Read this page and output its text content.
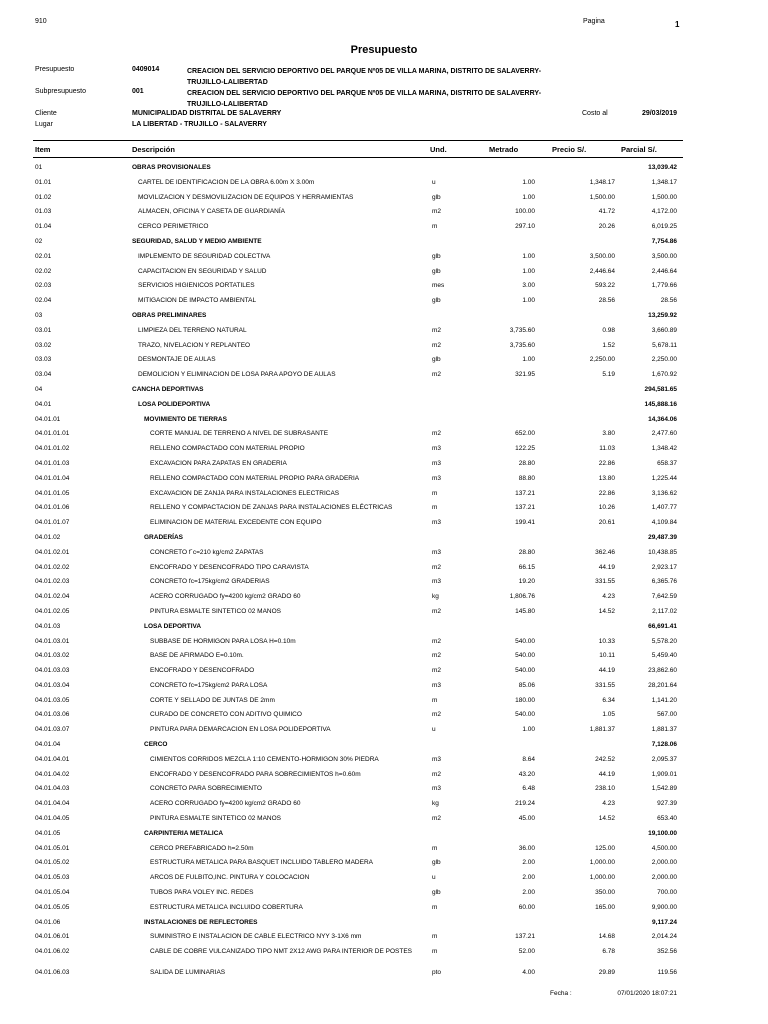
910	Pagina	1
Presupuesto
Presupuesto	0409014	CREACION DEL SERVICIO DEPORTIVO DEL PARQUE Nº05 DE VILLA MARINA, DISTRITO DE SALAVERRY-TRUJILLO-LALIBERTAD
Subpresupuesto	001	CREACION DEL SERVICIO DEPORTIVO DEL PARQUE Nº05 DE VILLA MARINA, DISTRITO DE SALAVERRY-TRUJILLO-LALIBERTAD
Cliente	MUNICIPALIDAD DISTRITAL DE SALAVERRY	Costo al	29/03/2019
Lugar	LA LIBERTAD - TRUJILLO - SALAVERRY
Item	Descripción	Und.	Metrado	Precio S/.	Parcial S/.
01	OBRAS PROVISIONALES	13,039.42
01.01	CARTEL DE IDENTIFICACION DE LA OBRA 6.00m X 3.00m	u	1.00	1,348.17	1,348.17
01.02	MOVILIZACION Y DESMOVILIZACION DE EQUIPOS Y HERRAMIENTAS	glb	1.00	1,500.00	1,500.00
01.03	ALMACEN, OFICINA Y CASETA DE GUARDIANÍA	m2	100.00	41.72	4,172.00
01.04	CERCO PERIMETRICO	m	297.10	20.26	6,019.25
02	SEGURIDAD, SALUD Y MEDIO AMBIENTE	7,754.86
02.01	IMPLEMENTO DE SEGURIDAD COLECTIVA	glb	1.00	3,500.00	3,500.00
02.02	CAPACITACION EN SEGURIDAD Y SALUD	glb	1.00	2,446.64	2,446.64
02.03	SERVICIOS HIGIENICOS PORTATILES	mes	3.00	593.22	1,779.66
02.04	MITIGACION DE IMPACTO AMBIENTAL	glb	1.00	28.56	28.56
03	OBRAS PRELIMINARES	13,259.92
03.01	LIMPIEZA DEL TERRENO NATURAL	m2	3,735.60	0.98	3,660.89
03.02	TRAZO, NIVELACION Y REPLANTEO	m2	3,735.60	1.52	5,678.11
03.03	DESMONTAJE DE AULAS	glb	1.00	2,250.00	2,250.00
03.04	DEMOLICION Y ELIMINACION DE LOSA PARA APOYO DE AULAS	m2	321.95	5.19	1,670.92
04	CANCHA DEPORTIVAS	294,581.65
04.01	LOSA POLIDEPORTIVA	145,888.16
04.01.01	MOVIMIENTO DE TIERRAS	14,364.06
04.01.01.01	CORTE MANUAL DE TERRENO A NIVEL DE SUBRASANTE	m2	652.00	3.80	2,477.60
04.01.01.02	RELLENO COMPACTADO CON MATERIAL PROPIO	m3	122.25	11.03	1,348.42
04.01.01.03	EXCAVACION PARA ZAPATAS EN GRADERIA	m3	28.80	22.86	658.37
04.01.01.04	RELLENO COMPACTADO CON MATERIAL PROPIO PARA GRADERIA	m3	88.80	13.80	1,225.44
04.01.01.05	EXCAVACION DE ZANJA PARA INSTALACIONES ELECTRICAS	m	137.21	22.86	3,136.62
04.01.01.06	RELLENO Y COMPACTACION DE ZANJAS PARA INSTALACIONES ELÉCTRICAS	m	137.21	10.26	1,407.77
04.01.01.07	ELIMINACION DE MATERIAL EXCEDENTE CON EQUIPO	m3	199.41	20.61	4,109.84
04.01.02	GRADERÍAS	29,487.39
04.01.02.01	CONCRETO f´c=210 kg/cm2 ZAPATAS	m3	28.80	362.46	10,438.85
04.01.02.02	ENCOFRADO Y DESENCOFRADO TIPO CARAVISTA	m2	66.15	44.19	2,923.17
04.01.02.03	CONCRETO fc=175kg/cm2 GRADERIAS	m3	19.20	331.55	6,365.76
04.01.02.04	ACERO CORRUGADO fy=4200 kg/cm2 GRADO 60	kg	1,806.76	4.23	7,642.59
04.01.02.05	PINTURA ESMALTE SINTETICO 02 MANOS	m2	145.80	14.52	2,117.02
04.01.03	LOSA DEPORTIVA	66,691.41
04.01.03.01	SUBBASE DE HORMIGON PARA LOSA H=0.10m	m2	540.00	10.33	5,578.20
04.01.03.02	BASE DE AFIRMADO E=0.10m.	m2	540.00	10.11	5,459.40
04.01.03.03	ENCOFRADO Y DESENCOFRADO	m2	540.00	44.19	23,862.60
04.01.03.04	CONCRETO fc=175kg/cm2 PARA LOSA	m3	85.06	331.55	28,201.64
04.01.03.05	CORTE Y SELLADO DE JUNTAS DE 2mm	m	180.00	6.34	1,141.20
04.01.03.06	CURADO DE CONCRETO CON ADITIVO QUIMICO	m2	540.00	1.05	567.00
04.01.03.07	PINTURA PARA DEMARCACION EN LOSA POLIDEPORTIVA	u	1.00	1,881.37	1,881.37
04.01.04	CERCO	7,128.06
04.01.04.01	CIMIENTOS CORRIDOS MEZCLA 1:10 CEMENTO-HORMIGON 30% PIEDRA	m3	8.64	242.52	2,095.37
04.01.04.02	ENCOFRADO Y DESENCOFRADO PARA SOBRECIMIENTOS h=0.60m	m2	43.20	44.19	1,909.01
04.01.04.03	CONCRETO PARA SOBRECIMIENTO	m3	6.48	238.10	1,542.89
04.01.04.04	ACERO CORRUGADO fy=4200 kg/cm2 GRADO 60	kg	219.24	4.23	927.39
04.01.04.05	PINTURA ESMALTE SINTETICO 02 MANOS	m2	45.00	14.52	653.40
04.01.05	CARPINTERIA METALICA	19,100.00
04.01.05.01	CERCO PREFABRICADO h=2.50m	m	36.00	125.00	4,500.00
04.01.05.02	ESTRUCTURA METALICA PARA BASQUET INCLUIDO TABLERO MADERA	glb	2.00	1,000.00	2,000.00
04.01.05.03	ARCOS DE FULBITO,INC. PINTURA Y COLOCACION	u	2.00	1,000.00	2,000.00
04.01.05.04	TUBOS PARA VOLEY INC. REDES	glb	2.00	350.00	700.00
04.01.05.05	ESTRUCTURA METALICA INCLUIDO COBERTURA	m	60.00	165.00	9,900.00
04.01.06	INSTALACIONES DE REFLECTORES	9,117.24
04.01.06.01	SUMINISTRO E INSTALACION DE CABLE ELECTRICO NYY 3-1X6 mm	m	137.21	14.68	2,014.24
04.01.06.02	CABLE DE COBRE VULCANIZADO TIPO NMT 2X12 AWG PARA INTERIOR DE POSTES	m	52.00	6.78	352.56
04.01.06.03	SALIDA DE LUMINARIAS	pto	4.00	29.89	119.56
Fecha :	07/01/2020 18:07:21
